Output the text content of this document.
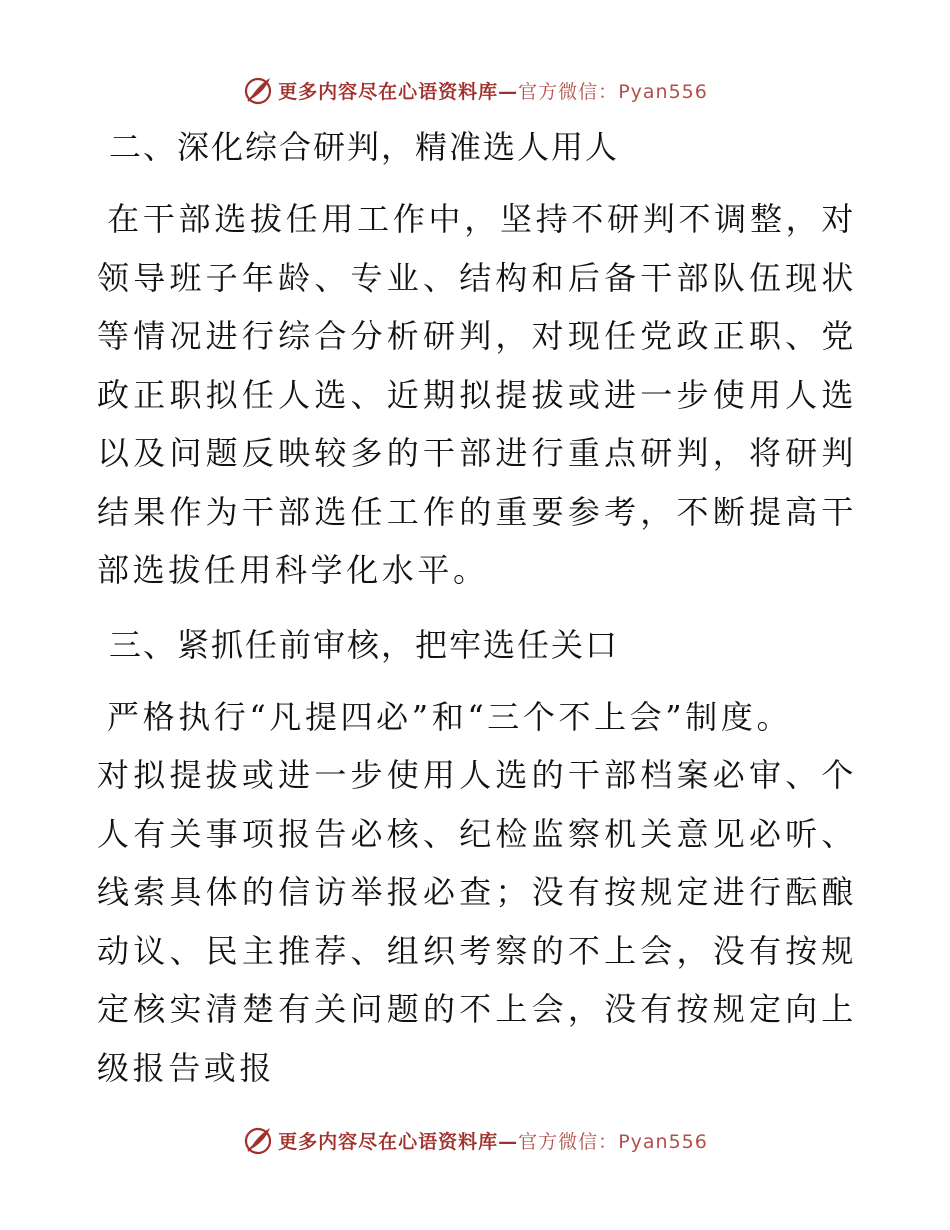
更多内容尽在心语资料库—官方微信：Pyan556

二、深化综合研判，精准选人用人

在干部选拔任用工作中，坚持不研判不调整，对领导班子年龄、专业、结构和后备干部队伍现状等情况进行综合分析研判，对现任党政正职、党政正职拟任人选、近期拟提拔或进一步使用人选以及问题反映较多的干部进行重点研判，将研判结果作为干部选任工作的重要参考，不断提高干部选拔任用科学化水平。

三、紧抓任前审核，把牢选任关口

严格执行“凡提四必”和“三个不上会”制度。

对拟提拔或进一步使用人选的干部档案必审、个人有关事项报告必核、纪检监察机关意见必听、线索具体的信访举报必查；没有按规定进行酝酿动议、民主推荐、组织考察的不上会，没有按规定核实清楚有关问题的不上会，没有按规定向上级报告或报

更多内容尽在心语资料库—官方微信：Pyan556
